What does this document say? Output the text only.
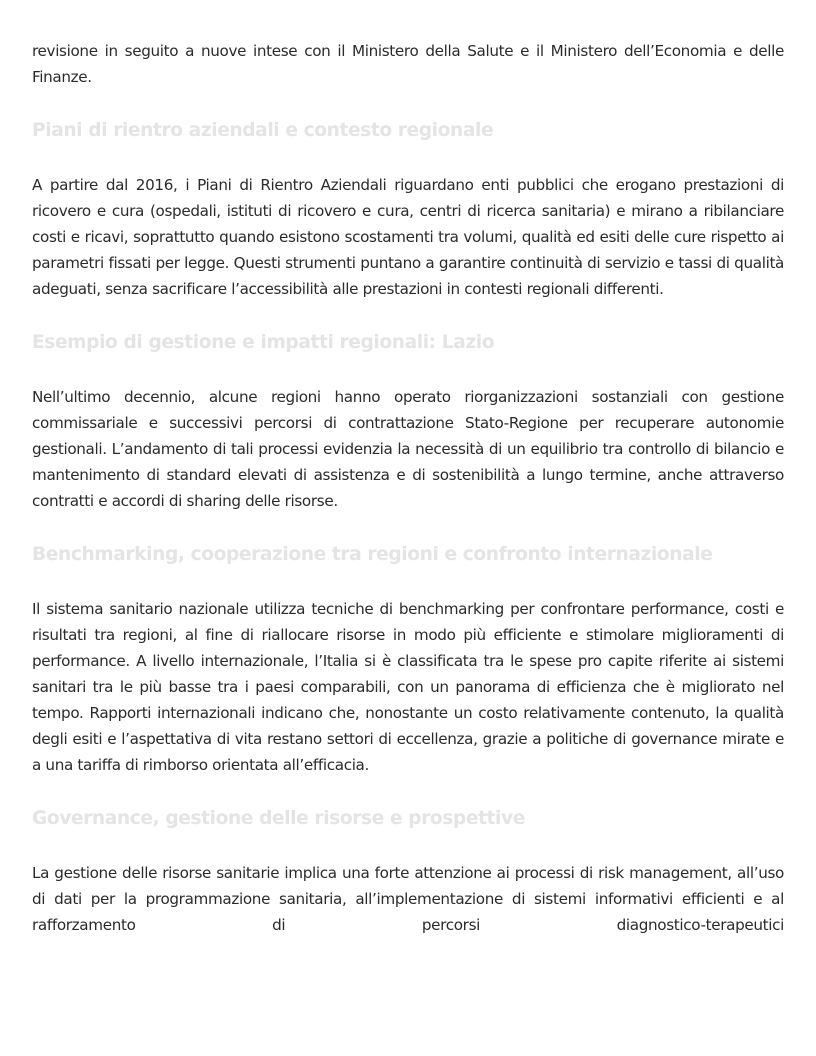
revisione in seguito a nuove intese con il Ministero della Salute e il Ministero dell’Economia e delle Finanze.

Piani di rientro aziendali e contesto regionale

A partire dal 2016, i Piani di Rientro Aziendali riguardano enti pubblici che erogano prestazioni di ricovero e cura (ospedali, istituti di ricovero e cura, centri di ricerca sanitaria) e mirano a ribilanciare costi e ricavi, soprattutto quando esistono scostamenti tra volumi, qualità ed esiti delle cure rispetto ai parametri fissati per legge. Questi strumenti puntano a garantire continuità di servizio e tassi di qualità adeguati, senza sacrificare l’accessibilità alle prestazioni in contesti regionali differenti.

Esempio di gestione e impatti regionali: Lazio

Nell’ultimo decennio, alcune regioni hanno operato riorganizzazioni sostanziali con gestione commissariale e successivi percorsi di contrattazione Stato-Regione per recuperare autonomie gestionali. L’andamento di tali processi evidenzia la necessità di un equilibrio tra controllo di bilancio e mantenimento di standard elevati di assistenza e di sostenibilità a lungo termine, anche attraverso contratti e accordi di sharing delle risorse.

Benchmarking, cooperazione tra regioni e confronto internazionale

Il sistema sanitario nazionale utilizza tecniche di benchmarking per confrontare performance, costi e risultati tra regioni, al fine di riallocare risorse in modo più efficiente e stimolare miglioramenti di performance. A livello internazionale, l’Italia si è classificata tra le spese pro capite riferite ai sistemi sanitari tra le più basse tra i paesi comparabili, con un panorama di efficienza che è migliorato nel tempo. Rapporti internazionali indicano che, nonostante un costo relativamente contenuto, la qualità degli esiti e l’aspettativa di vita restano settori di eccellenza, grazie a politiche di governance mirate e a una tariffa di rimborso orientata all’efficacia.

Governance, gestione delle risorse e prospettive

La gestione delle risorse sanitarie implica una forte attenzione ai processi di risk management, all’uso di dati per la programmazione sanitaria, all’implementazione di sistemi informativi efficienti e al rafforzamento di percorsi diagnostico-terapeutici
